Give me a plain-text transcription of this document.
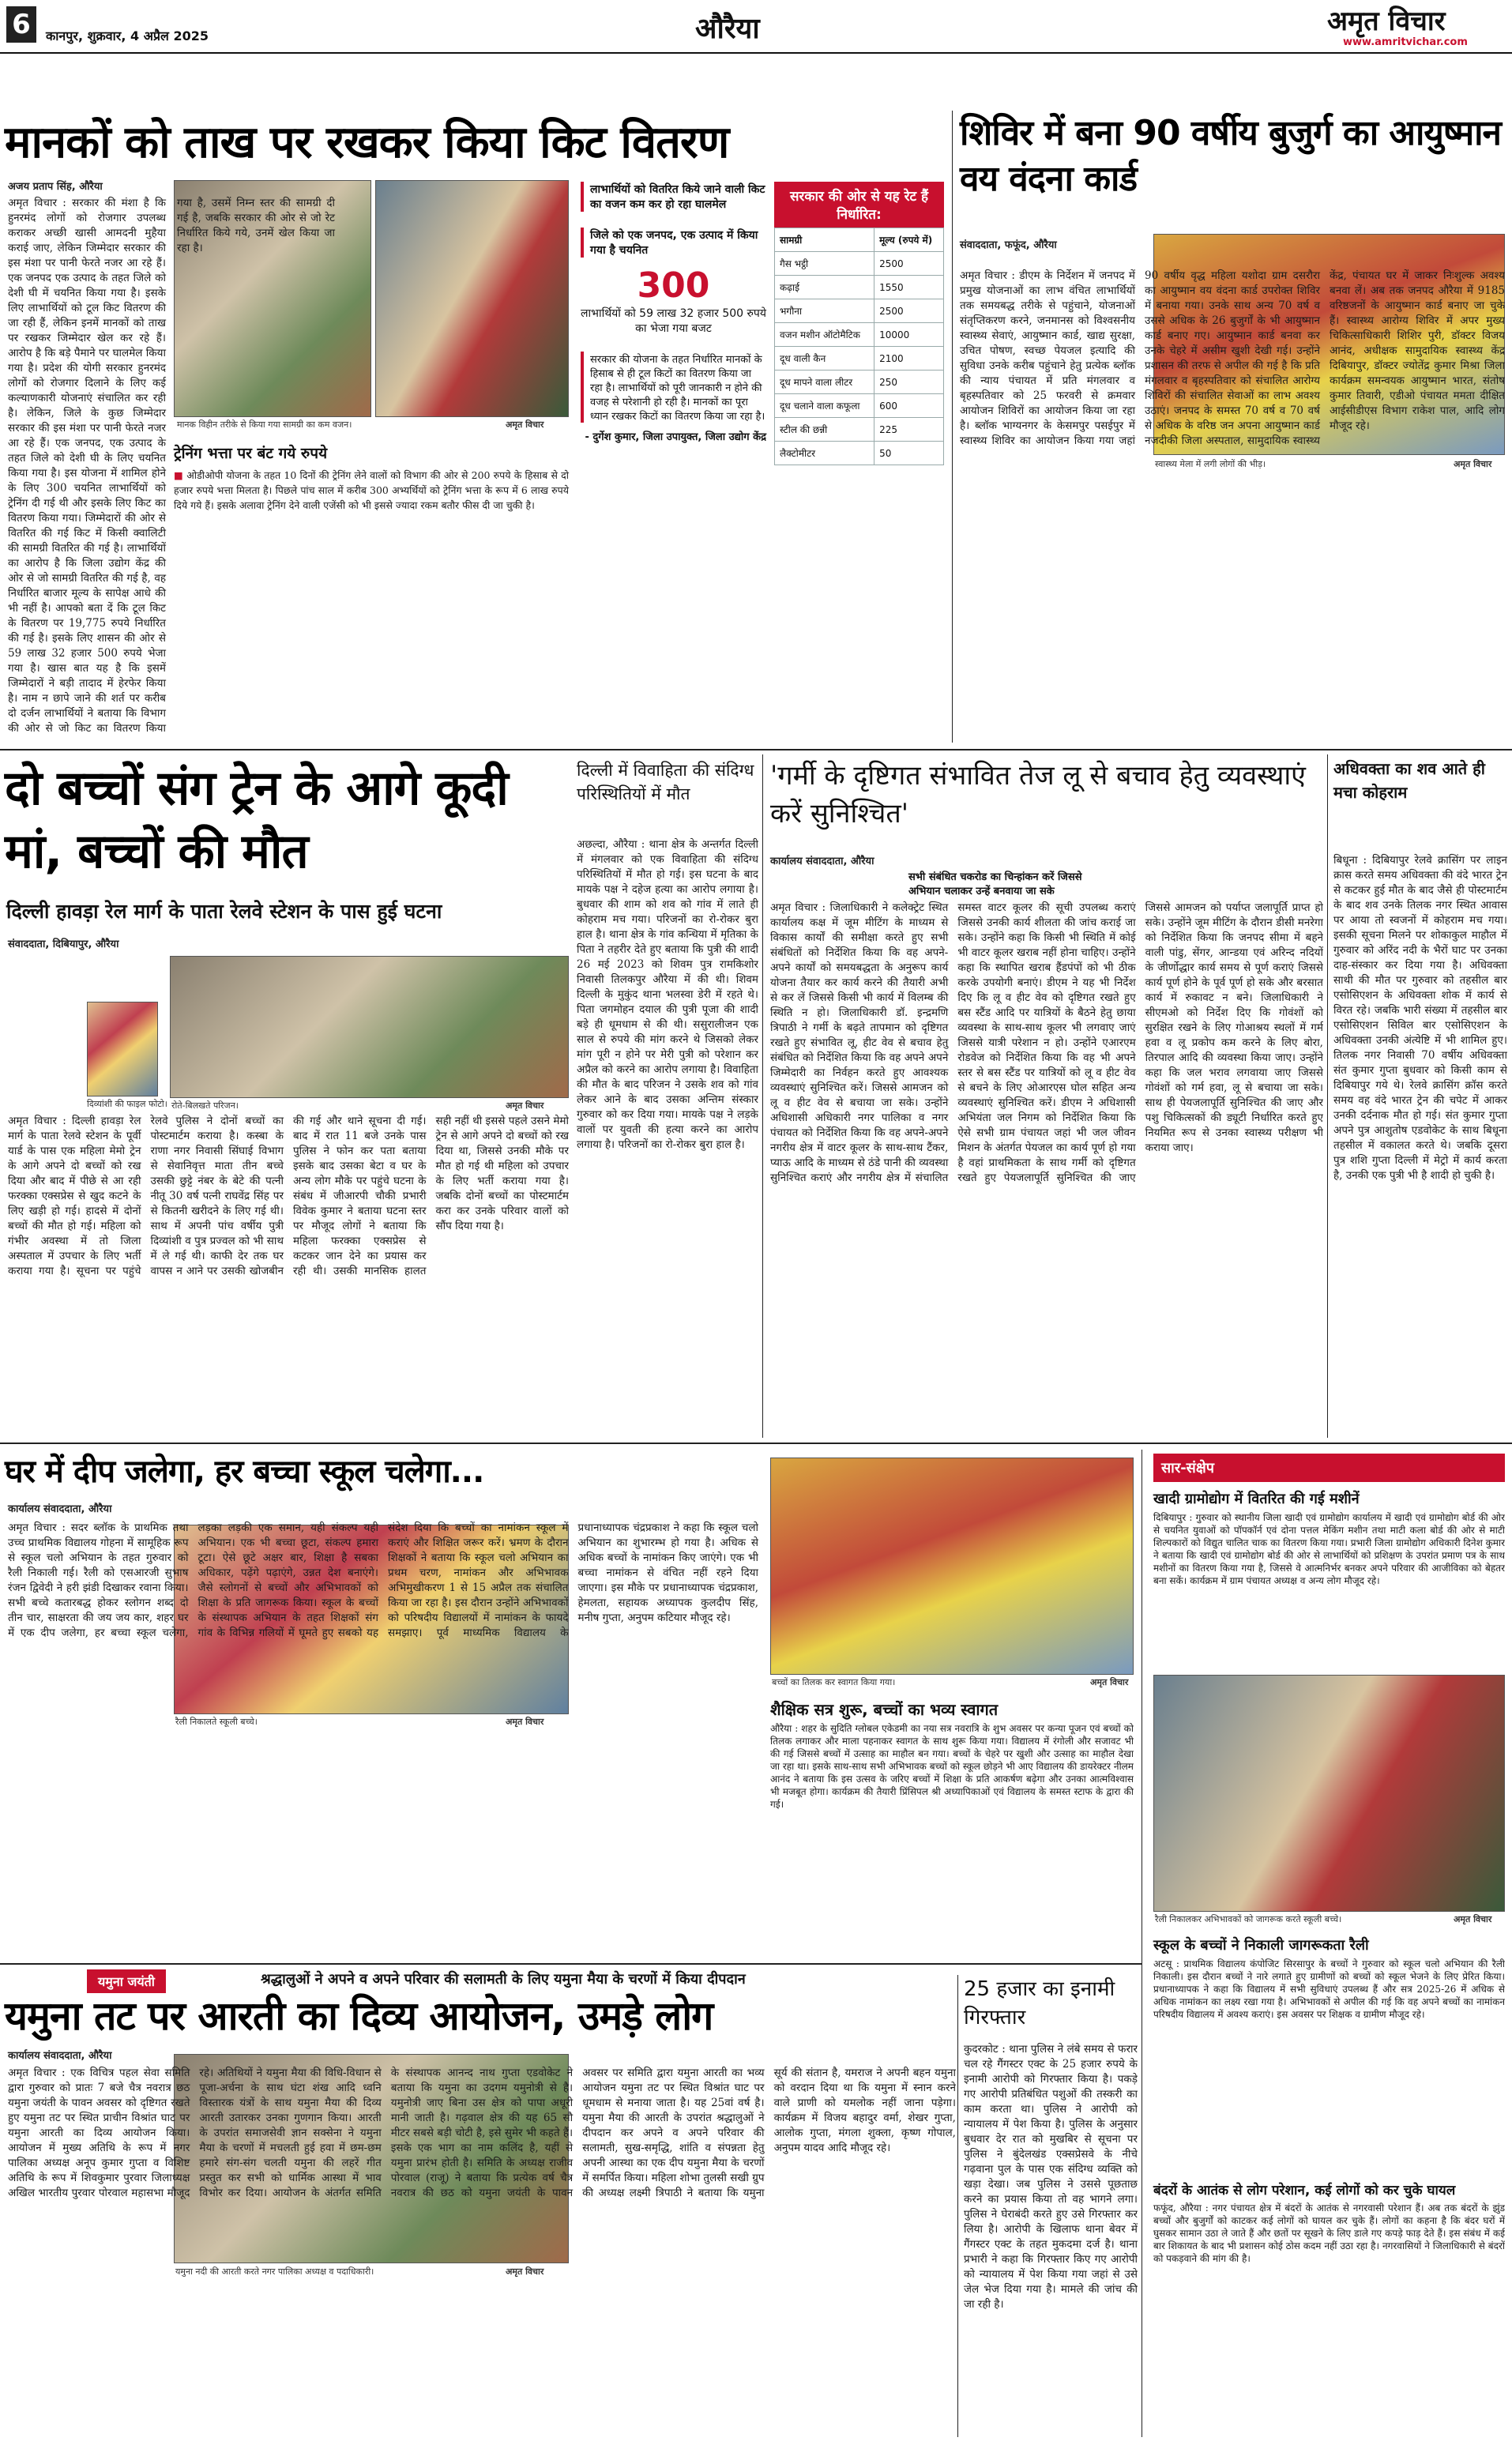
6	कानपुर, शुक्रवार, 4 अप्रैल 2025	औरैया	अमृत विचार
www.amritvichar.com
मानकों को ताख पर रखकर किया किट वितरण
अजय प्रताप सिंह, औरैया
मानक विहीन तरीके से किया गया सामग्री का कम वजन।	अमृत विचार
अमृत विचार : सरकार की मंशा है कि हुनरमंद लोगों को रोजगार उपलब्ध कराकर अच्छी खासी आमदनी मुहैया कराई जाए, लेकिन जिम्मेदार सरकार की इस मंशा पर पानी फेरते नजर आ रहे हैं। एक जनपद एक उत्पाद के तहत जिले को देशी घी में चयनित किया गया है। इसके लिए लाभार्थियों को टूल किट वितरण की जा रही हैं, लेकिन इनमें मानकों को ताख पर रखकर जिम्मेदार खेल कर रहे हैं। आरोप है कि बड़े पैमाने पर घालमेल किया गया है। प्रदेश की योगी सरकार हुनरमंद लोगों को रोजगार दिलाने के लिए कई कल्याणकारी योजनाएं संचालित कर रही है। लेकिन, जिले के कुछ जिम्मेदार सरकार की इस मंशा पर पानी फेरते नजर आ रहे हैं। एक जनपद, एक उत्पाद के तहत जिले को देशी घी के लिए चयनित किया गया है। इस योजना में शामिल होने के लिए 300 चयनित लाभार्थियों को ट्रेनिंग दी गई थी और इसके लिए किट का वितरण किया गया। जिम्मेदारों की ओर से वितरित की गई किट में किसी क्वालिटी की सामग्री वितरित की गई है। लाभार्थियों का आरोप है कि जिला उद्योग केंद्र की ओर से जो सामग्री वितरित की गई है, वह निर्धारित बाजार मूल्य के सापेक्ष आधे की भी नहीं है। आपको बता दें कि टूल किट के वितरण पर 19,775 रुपये निर्धारित की गई है। इसके लिए शासन की ओर से 59 लाख 32 हजार 500 रुपये भेजा गया है। खास बात यह है कि इसमें जिम्मेदारों ने बड़ी तादाद में हेरफेर किया है। नाम न छापे जाने की शर्त पर करीब दो दर्जन लाभार्थियों ने बताया कि विभाग की ओर से जो किट का वितरण किया
ट्रेनिंग भत्ता पर बंट गये रुपये
■ ओडीओपी योजना के तहत 10 दिनों की ट्रेनिंग लेने वालों को विभाग की ओर से 200 रुपये के हिसाब से दो हजार रुपये भत्ता मिलता है। पिछले पांच साल में करीब 300 अभ्यर्थियों को ट्रेनिंग भत्ता के रूप में 6 लाख रुपये दिये गये हैं। इसके अलावा ट्रेनिंग देने वाली एजेंसी को भी इससे ज्यादा रकम बतौर फीस दी जा चुकी है।
लाभार्थियों को वितरित किये जाने वाली किट का वजन कम कर हो रहा घालमेल
जिले को एक जनपद, एक उत्पाद में किया गया है चयनित
300
लाभार्थियों को 59 लाख 32 हजार 500 रुपये का भेजा गया बजट
सरकार की योजना के तहत निर्धारित मानकों के हिसाब से ही टूल किटों का वितरण किया जा रहा है। लाभार्थियों को पूरी जानकारी न होने की वजह से परेशानी हो रही है। मानकों का पूरा ध्यान रखकर किटों का वितरण किया जा रहा है।
- दुर्गेश कुमार, जिला उपायुक्त, जिला उद्योग केंद्र
सरकार की ओर से यह रेट हैं निर्धारित:
सामग्री	मूल्य (रुपये में)
गैस भट्ठी	2500
कढ़ाई	1550
भगौना	2500
वजन मशीन ऑटोमैटिक	10000
दूध वाली कैन	2100
दूध मापने वाला लीटर	250
दूध चलाने वाला कफूला	600
स्टील की छन्नी	225
लैक्टोमीटर	50
शिविर में बना 90 वर्षीय बुजुर्ग का आयुष्मान वय वंदना कार्ड
संवाददाता, फफूंद, औरैया
स्वास्थ्य मेला में लगी लोगों की भीड़।	अमृत विचार
अमृत विचार : डीएम के निर्देशन में जनपद में प्रमुख योजनाओं का लाभ वंचित लाभार्थियों तक समयबद्ध तरीके से पहुंचाने, योजनाओं संतृप्तिकरण करने, जनमानस को विश्वसनीय स्वास्थ्य सेवाएं, आयुष्मान कार्ड, खाद्य सुरक्षा, उचित पोषण, स्वच्छ पेयजल इत्यादि की सुविधा उनके करीब पहुंचाने हेतु प्रत्येक ब्लॉक की न्याय पंचायत में प्रति मंगलवार व बृहस्पतिवार को 25 फरवरी से क्रमवार आयोजन शिविरों का आयोजन किया जा रहा है। ब्लॉक भाग्यनगर के केसमपुर पसईपुर में स्वास्थ्य शिविर का आयोजन किया गया जहां 90 वर्षीय वृद्ध महिला यशोदा ग्राम दसरौरा का आयुष्मान वय वंदना कार्ड उपरोक्त शिविर में बनाया गया। उनके साथ अन्य 70 वर्ष व उससे अधिक के 26 बुजुर्गों के भी आयुष्मान कार्ड बनाए गए। आयुष्मान कार्ड बनवा कर उनके चेहरे में असीम खुशी देखी गई। उन्होंने प्रशासन की तरफ से अपील की गई है कि प्रति मंगलवार व बृहस्पतिवार को संचालित आरोग्य शिविरों की संचालित सेवाओं का लाभ अवश्य उठाएं। जनपद के समस्त 70 वर्ष व 70 वर्ष से अधिक के वरिष्ठ जन अपना आयुष्मान कार्ड नजदीकी जिला अस्पताल, सामुदायिक स्वास्थ्य केंद्र, पंचायत घर में जाकर निःशुल्क अवश्य बनवा लें। अब तक जनपद औरैया में 9185 वरिष्ठजनों के आयुष्मान कार्ड बनाए जा चुके हैं। स्वास्थ्य आरोग्य शिविर में अपर मुख्य चिकित्साधिकारी शिशिर पुरी, डॉक्टर विजय आनंद, अधीक्षक सामुदायिक स्वास्थ्य केंद्र दिबियापुर, डॉक्टर ज्योतेंद्र कुमार मिश्रा जिला कार्यक्रम समन्वयक आयुष्मान भारत, संतोष कुमार तिवारी, एडीओ पंचायत ममता दीक्षित आईसीडीएस विभाग राकेश पाल, आदि लोग मौजूद रहे।
दो बच्चों संग ट्रेन के आगे कूदी मां, बच्चों की मौत
दिल्ली हावड़ा रेल मार्ग के पाता रेलवे स्टेशन के पास हुई घटना
संवाददाता, दिबियापुर, औरैया
दिव्यांशी की फाइल फोटो। रोते-बिलखते परिजन।	अमृत विचार
अमृत विचार : दिल्ली हावड़ा रेल मार्ग के पाता रेलवे स्टेशन के पूर्वी यार्ड के पास एक महिला मेमो ट्रेन के आगे अपने दो बच्चों को रख दिया और बाद में पीछे से आ रही फरक्का एक्सप्रेस से खुद कटने के लिए खड़ी हो गई। हादसे में दोनों बच्चों की मौत हो गई। महिला को गंभीर अवस्था में तो जिला अस्पताल में उपचार के लिए भर्ती कराया गया है। सूचना पर पहुंचे रेलवे पुलिस ने दोनों बच्चों का पोस्टमार्टम कराया है। कस्बा के राणा नगर निवासी सिंघाई विभाग से सेवानिवृत्त माता तीन बच्चे उसकी छुट्टे नंबर के बेटे की पत्नी नीतू 30 वर्ष पत्नी राघवेंद्र सिंह पर से कितनी खरीदने के लिए गई थी। साथ में अपनी पांच वर्षीय पुत्री दिव्यांशी व पुत्र प्रज्वल को भी साथ में ले गई थी। काफी देर तक घर वापस न आने पर उसकी खोजबीन की गई और थाने सूचना दी गई। बाद में रात 11 बजे उनके पास पुलिस ने फोन कर पता बताया इसके बाद उसका बेटा व घर के अन्य लोग मौके पर पहुंचे घटना के संबंध में जीआरपी चौकी प्रभारी विवेक कुमार ने बताया घटना स्तर पर मौजूद लोगों ने बताया कि महिला फरक्का एक्सप्रेस से कटकर जान देने का प्रयास कर रही थी। उसकी मानसिक हालत सही नहीं थी इससे पहले उसने मेमो ट्रेन से आगे अपने दो बच्चों को रख दिया था, जिससे उनकी मौके पर मौत हो गई थी महिला को उपचार के लिए भर्ती कराया गया है। जबकि दोनों बच्चों का पोस्टमार्टम करा कर उनके परिवार वालों को सौंप दिया गया है।
दिल्ली में विवाहिता की संदिग्ध परिस्थितियों में मौत
अछल्दा, औरैया : थाना क्षेत्र के अन्तर्गत दिल्ली में मंगलवार को एक विवाहिता की संदिग्ध परिस्थितियों में मौत हो गई। इस घटना के बाद मायके पक्ष ने दहेज हत्या का आरोप लगाया है। बुधवार की शाम को शव को गांव में लाते ही कोहराम मच गया। परिजनों का रो-रोकर बुरा हाल है। थाना क्षेत्र के गांव कन्धिया में मृतिका के पिता ने तहरीर देते हुए बताया कि पुत्री की शादी 26 मई 2023 को शिवम पुत्र रामकिशोर निवासी तिलकपुर औरैया में की थी। शिवम दिल्ली के मुकुंद थाना भलस्वा डेरी में रहते थे। पिता जगमोहन दयाल की पुत्री पूजा की शादी बड़े ही धूमधाम से की थी। ससुरालीजन एक साल से रुपये की मांग करने थे जिसको लेकर मांग पूरी न होने पर मेरी पुत्री को परेशान कर अप्रैल को करने का आरोप लगाया है। विवाहिता की मौत के बाद परिजन ने उसके शव को गांव लेकर आने के बाद उसका अन्तिम संस्कार गुरुवार को कर दिया गया। मायके पक्ष ने लड़के वालों पर युवती की हत्या करने का आरोप लगाया है। परिजनों का रो-रोकर बुरा हाल है।
'गर्मी के दृष्टिगत संभावित तेज लू से बचाव हेतु व्यवस्थाएं करें सुनिश्चित'
कार्यालय संवाददाता, औरैया
सभी संबंधित चकरोड का चिन्हांकन करें जिससे अभियान चलाकर उन्हें बनवाया जा सके
अमृत विचार : जिलाधिकारी ने कलेक्ट्रेट स्थित कार्यालय कक्ष में जूम मीटिंग के माध्यम से विकास कार्यों की समीक्षा करते हुए सभी संबंधितों को निर्देशित किया कि वह अपने-अपने कार्यों को समयबद्धता के अनुरूप कार्य योजना तैयार कर कार्य करने की तैयारी अभी से कर लें जिससे किसी भी कार्य में विलम्ब की स्थिति न हो। जिलाधिकारी डॉ. इन्द्रमणि त्रिपाठी ने गर्मी के बढ़ते तापमान को दृष्टिगत रखते हुए संभावित लू, हीट वेव से बचाव हेतु संबंधित को निर्देशित किया कि वह अपने अपने जिम्मेदारी का निर्वहन करते हुए आवश्यक व्यवस्थाएं सुनिश्चित करें। जिससे आमजन को लू व हीट वेव से बचाया जा सके। उन्होंने अधिशासी अधिकारी नगर पालिका व नगर पंचायत को निर्देशित किया कि वह अपने-अपने नगरीय क्षेत्र में वाटर कूलर के साथ-साथ टैंकर, प्याऊ आदि के माध्यम से ठंडे पानी की व्यवस्था सुनिश्चित कराएं और नगरीय क्षेत्र में संचालित समस्त वाटर कूलर की सूची उपलब्ध कराएं जिससे उनकी कार्य शीलता की जांच कराई जा सके। उन्होंने कहा कि किसी भी स्थिति में कोई भी वाटर कूलर खराब नहीं होना चाहिए। उन्होंने कहा कि स्थापित खराब हैंडपंपों को भी ठीक करके उपयोगी बनाएं। डीएम ने यह भी निर्देश दिए कि लू व हीट वेव को दृष्टिगत रखते हुए बस स्टैंड आदि पर यात्रियों के बैठने हेतु छाया व्यवस्था के साथ-साथ कूलर भी लगवाए जाएं जिससे यात्री परेशान न हो। उन्होंने एआरएम रोडवेज को निर्देशित किया कि वह भी अपने स्तर से बस स्टैंड पर यात्रियों को लू व हीट वेव से बचने के लिए ओआरएस घोल सहित अन्य व्यवस्थाएं सुनिश्चित करें। डीएम ने अधिशासी अभियंता जल निगम को निर्देशित किया कि ऐसे सभी ग्राम पंचायत जहां भी जल जीवन मिशन के अंतर्गत पेयजल का कार्य पूर्ण हो गया है वहां प्राथमिकता के साथ गर्मी को दृष्टिगत रखते हुए पेयजलापूर्ति सुनिश्चित की जाए जिससे आमजन को पर्याप्त जलापूर्ति प्राप्त हो सके। उन्होंने जूम मीटिंग के दौरान डीसी मनरेगा को निर्देशित किया कि जनपद सीमा में बहने वाली पांडु, सेंगर, आन्डया एवं अरिन्द नदियों के जीर्णोद्धार कार्य समय से पूर्ण कराएं जिससे कार्य पूर्ण होने के पूर्व पूर्ण हो सके और बरसात कार्य में रुकावट न बने। जिलाधिकारी ने सीएमओ को निर्देश दिए कि गोवंशों को सुरक्षित रखने के लिए गोआश्रय स्थलों में गर्म हवा व लू प्रकोप कम करने के लिए बोरा, तिरपाल आदि की व्यवस्था किया जाए। उन्होंने कहा कि जल भराव लगवाया जाए जिससे गोवंशों को गर्म हवा, लू से बचाया जा सके। साथ ही पेयजलापूर्ति सुनिश्चित की जाए और पशु चिकित्सकों की ड्यूटी निर्धारित करते हुए नियमित रूप से उनका स्वास्थ्य परीक्षण भी कराया जाए।
अधिवक्ता का शव आते ही मचा कोहराम
बिधूना : दिबियापुर रेलवे क्रासिंग पर लाइन क्रास करते समय अधिवक्ता की वंदे भारत ट्रेन से कटकर हुई मौत के बाद जैसे ही पोस्टमार्टम के बाद शव उनके तिलक नगर स्थित आवास पर आया तो स्वजनों में कोहराम मच गया। इसकी सूचना मिलने पर शोकाकुल माहौल में गुरुवार को अरिंद नदी के भैरों घाट पर उनका दाह-संस्कार कर दिया गया है। अधिवक्ता साथी की मौत पर गुरुवार को तहसील बार एसोसिएशन के अधिवक्ता शोक में कार्य से विरत रहे। जबकि भारी संख्या में तहसील बार एसोसिएशन सिविल बार एसोसिएशन के अधिवक्ता उनकी अंत्येष्टि में भी शामिल हुए। तिलक नगर निवासी 70 वर्षीय अधिवक्ता संत कुमार गुप्ता बुधवार को किसी काम से दिबियापुर गये थे। रेलवे क्रासिंग क्रॉस करते समय वह वंदे भारत ट्रेन की चपेट में आकर उनकी दर्दनाक मौत हो गई। संत कुमार गुप्ता अपने पुत्र आशुतोष एडवोकेट के साथ बिधूना तहसील में वकालत करते थे। जबकि दूसरा पुत्र शशि गुप्ता दिल्ली में मेट्रो में कार्य करता है, उनकी एक पुत्री भी है शादी हो चुकी है।
घर में दीप जलेगा, हर बच्चा स्कूल चलेगा...
कार्यालय संवाददाता, औरैया
रैली निकालते स्कूली बच्चे।	अमृत विचार
अमृत विचार : सदर ब्लॉक के प्राथमिक तथा उच्च प्राथमिक विद्यालय गोहना में सामूहिक रूप से स्कूल चलो अभियान के तहत गुरुवार को रैली निकाली गई। रैली को एसआरजी सुभाष रंजन द्विवेदी ने हरी झंडी दिखाकर रवाना किया। सभी बच्चे कतारबद्ध होकर स्लोगन शब्द दो तीन चार, साक्षरता की जय जय कार, शहर घर में एक दीप जलेगा, हर बच्चा स्कूल चलेगा, लड़का लड़की एक समान, यही संकल्प यही अभियान। एक भी बच्चा छूटा, संकल्प हमारा टूटा। ऐसे छूटे अक्षर बार, शिक्षा है सबका अधिकार, पढ़ेंगे पढ़ाएंगे, उन्नत देश बनाएंगे। जैसे स्लोगनों से बच्चों और अभिभावकों को शिक्षा के प्रति जागरूक किया। स्कूल के बच्चों के संस्थापक अभियान के तहत शिक्षकों संग गांव के विभिन्न गलियों में घूमते हुए सबको यह संदेश दिया कि बच्चों का नामांकन स्कूल में कराएं और शिक्षित जरूर करें। भ्रमण के दौरान शिक्षकों ने बताया कि स्कूल चलो अभियान का प्रथम चरण, नामांकन और अभिभावक अभिमुखीकरण 1 से 15 अप्रैल तक संचालित किया जा रहा है। इस दौरान उन्होंने अभिभावकों को परिषदीय विद्यालयों में नामांकन के फायदे समझाए। पूर्व माध्यमिक विद्यालय के प्रधानाध्यापक चंद्रप्रकाश ने कहा कि स्कूल चलो अभियान का शुभारम्भ हो गया है। अधिक से अधिक बच्चों के नामांकन किए जाएंगे। एक भी बच्चा नामांकन से वंचित नहीं रहने दिया जाएगा। इस मौके पर प्रधानाध्यापक चंद्रप्रकाश, हेमलता, सहायक अध्यापक कुलदीप सिंह, मनीष गुप्ता, अनुपम कटियार मौजूद रहे।
बच्चों का तिलक कर स्वागत किया गया।	अमृत विचार
शैक्षिक सत्र शुरू, बच्चों का भव्य स्वागत
औरैया : शहर के सुदिति ग्लोबल एकेडमी का नया सत्र नवरात्रि के शुभ अवसर पर कन्या पूजन एवं बच्चों को तिलक लगाकर और माला पहनाकर स्वागत के साथ शुरू किया गया। विद्यालय में रंगोली और सजावट भी की गई जिससे बच्चों में उत्साह का माहौल बन गया। बच्चों के चेहरे पर खुशी और उत्साह का माहौल देखा जा रहा था। इसके साथ-साथ सभी अभिभावक बच्चों को स्कूल छोड़ने भी आए विद्यालय की डायरेक्टर नीलम आनंद ने बताया कि इस उत्सव के जरिए बच्चों में शिक्षा के प्रति आकर्षण बढ़ेगा और उनका आत्मविश्वास भी मजबूत होगा। कार्यक्रम की तैयारी प्रिंसिपल श्री अध्यापिकाओं एवं विद्यालय के समस्त स्टाफ के द्वारा की गई।
सार-संक्षेप
खादी ग्रामोद्योग में वितरित की गई मशीनें
दिबियापुर : गुरुवार को स्थानीय जिला खादी एवं ग्रामोद्योग कार्यालय में खादी एवं ग्रामोद्योग बोर्ड की ओर से चयनित युवाओं को पॉपकॉर्न एवं दोना पत्तल मेकिंग मशीन तथा माटी कला बोर्ड की ओर से माटी शिल्पकारों को विद्युत चालित चाक का वितरण किया गया। प्रभारी जिला ग्रामोद्योग अधिकारी दिनेश कुमार ने बताया कि खादी एवं ग्रामोद्योग बोर्ड की ओर से लाभार्थियों को प्रशिक्षण के उपरांत प्रमाण पत्र के साथ मशीनों का वितरण किया गया है, जिससे वे आत्मनिर्भर बनकर अपने परिवार की आजीविका को बेहतर बना सकें। कार्यक्रम में ग्राम पंचायत अध्यक्ष व अन्य लोग मौजूद रहे।
रैली निकालकर अभिभावकों को जागरूक करते स्कूली बच्चे।	अमृत विचार
स्कूल के बच्चों ने निकाली जागरूकता रैली
अटसू : प्राथमिक विद्यालय कंपोजिट सिरसापुर के बच्चों ने गुरुवार को स्कूल चलो अभियान की रैली निकाली। इस दौरान बच्चों ने नारे लगाते हुए ग्रामीणों को बच्चों को स्कूल भेजने के लिए प्रेरित किया। प्रधानाध्यापक ने कहा कि विद्यालय में सभी सुविधाएं उपलब्ध हैं और सत्र 2025-26 में अधिक से अधिक नामांकन का लक्ष्य रखा गया है। अभिभावकों से अपील की गई कि वह अपने बच्चों का नामांकन परिषदीय विद्यालय में अवश्य कराएं। इस अवसर पर शिक्षक व ग्रामीण मौजूद रहे।
बंदरों के आतंक से लोग परेशान, कई लोगों को कर चुके घायल
फफूंद, औरैया : नगर पंचायत क्षेत्र में बंदरों के आतंक से नगरवासी परेशान हैं। अब तक बंदरों के झुंड बच्चों और बुजुर्गों को काटकर कई लोगों को घायल कर चुके हैं। लोगों का कहना है कि बंदर घरों में घुसकर सामान उठा ले जाते हैं और छतों पर सूखने के लिए डाले गए कपड़े फाड़ देते हैं। इस संबंध में कई बार शिकायत के बाद भी प्रशासन कोई ठोस कदम नहीं उठा रहा है। नगरवासियों ने जिलाधिकारी से बंदरों को पकड़वाने की मांग की है।
यमुना जयंती	श्रद्धालुओं ने अपने व अपने परिवार की सलामती के लिए यमुना मैया के चरणों में किया दीपदान
यमुना तट पर आरती का दिव्य आयोजन, उमड़े लोग
कार्यालय संवाददाता, औरैया
यमुना नदी की आरती करते नगर पालिका अध्यक्ष व पदाधिकारी।	अमृत विचार
अमृत विचार : एक विचित्र पहल सेवा समिति द्वारा गुरुवार को प्रातः 7 बजे चैत्र नवरात्र छठ यमुना जयंती के पावन अवसर को दृष्टिगत रखते हुए यमुना तट पर स्थित प्राचीन विश्रांत घाट पर यमुना आरती का दिव्य आयोजन किया। आयोजन में मुख्य अतिथि के रूप में नगर पालिका अध्यक्ष अनूप कुमार गुप्ता व विशिष्ट अतिथि के रूप में शिवकुमार पुरवार जिलाध्यक्ष अखिल भारतीय पुरवार पोरवाल महासभा मौजूद रहे। अतिथियों ने यमुना मैया की विधि-विधान से पूजा-अर्चना के साथ घंटा शंख आदि ध्वनि विस्तारक यंत्रों के साथ यमुना मैया की दिव्य आरती उतारकर उनका गुणगान किया। आरती के उपरांत समाजसेवी ज्ञान सक्सेना ने यमुना मैया के चरणों में मचलती हुई हवा में छम-छम हमारे संग-संग चलती यमुना की लहरें गीत प्रस्तुत कर सभी को धार्मिक आस्था में भाव विभोर कर दिया। आयोजन के अंतर्गत समिति के संस्थापक आनन्द नाथ गुप्ता एडवोकेट ने बताया कि यमुना का उदगम यमुनोत्री से है। यमुनोत्री जाए बिना उस क्षेत्र को पापा अधूरी मानी जाती है। गढ़वाल क्षेत्र की यह 65 सौ मीटर सबसे बड़ी चोटी है, इसे सुमेर भी कहते हैं। इसके एक भाग का नाम कलिंद है, यहीं से यमुना प्रारंभ होती है। समिति के अध्यक्ष राजीव पोरवाल (राजू) ने बताया कि प्रत्येक वर्ष चैत्र नवरात्र की छठ को यमुना जयंती के पावन अवसर पर समिति द्वारा यमुना आरती का भव्य आयोजन यमुना तट पर स्थित विश्रांत घाट पर धूमधाम से मनाया जाता है। यह 25वां वर्ष है। यमुना मैया की आरती के उपरांत श्रद्धालुओं ने दीपदान कर अपने व अपने परिवार की सलामती, सुख-समृद्धि, शांति व संपन्नता हेतु अपनी आस्था का एक दीप यमुना मैया के चरणों में समर्पित किया। महिला शोभा तुलसी सखी ग्रुप की अध्यक्ष लक्ष्मी त्रिपाठी ने बताया कि यमुना सूर्य की संतान है, यमराज ने अपनी बहन यमुना को वरदान दिया था कि यमुना में स्नान करने वाले प्राणी को यमलोक नहीं जाना पड़ेगा। कार्यक्रम में विजय बहादुर वर्मा, शेखर गुप्ता, आलोक गुप्ता, मंगला शुक्ला, कृष्ण गोपाल, अनुपम यादव आदि मौजूद रहे।
25 हजार का इनामी गिरफ्तार
कुदरकोट : थाना पुलिस ने लंबे समय से फरार चल रहे गैंगस्टर एक्ट के 25 हजार रुपये के इनामी आरोपी को गिरफ्तार किया है। पकड़े गए आरोपी प्रतिबंधित पशुओं की तस्करी का काम करता था। पुलिस ने आरोपी को न्यायालय में पेश किया है। पुलिस के अनुसार बुधवार देर रात को मुखबिर से सूचना पर पुलिस ने बुंदेलखंड एक्सप्रेसवे के नीचे गढ़वाना पुल के पास एक संदिग्ध व्यक्ति को खड़ा देखा। जब पुलिस ने उससे पूछताछ करने का प्रयास किया तो वह भागने लगा। पुलिस ने घेराबंदी करते हुए उसे गिरफ्तार कर लिया है। आरोपी के खिलाफ थाना बेवर में गैंगस्टर एक्ट के तहत मुकदमा दर्ज है। थाना प्रभारी ने कहा कि गिरफ्तार किए गए आरोपी को न्यायालय में पेश किया गया जहां से उसे जेल भेज दिया गया है। मामले की जांच की जा रही है।
